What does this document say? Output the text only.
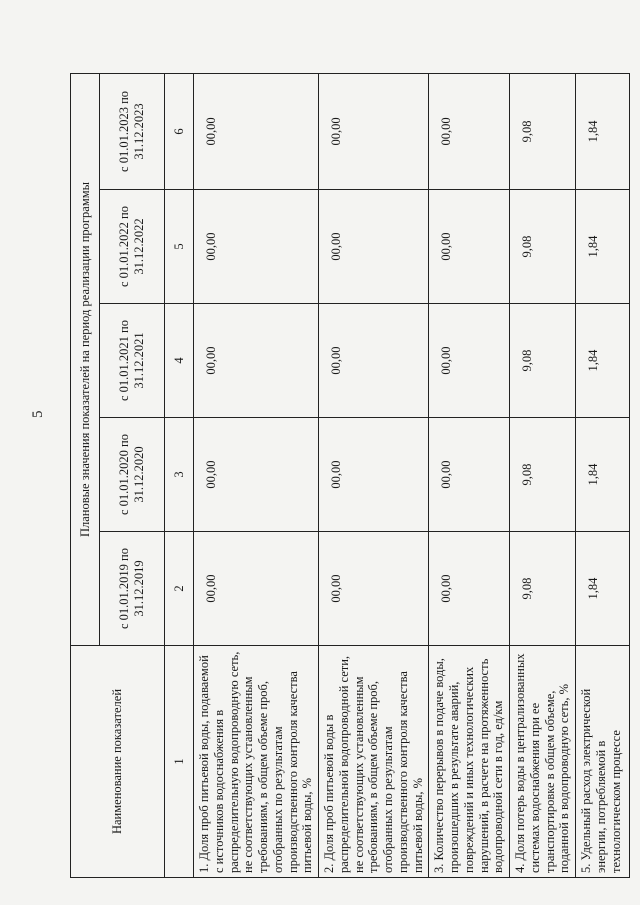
5
Наименование показателей	Плановые значения показателей на период реализации программы				
	с 01.01.2019 по 31.12.2019	с 01.01.2020 по 31.12.2020	с 01.01.2021 по 31.12.2021	с 01.01.2022 по 31.12.2022	с 01.01.2023 по 31.12.2023
1	2	3	4	5	6
1. Доля проб питьевой воды, подаваемой с источников водоснабжения в распределительную водопроводную сеть, не соответствующих установленным требованиям, в общем объеме проб, отобранных по результатам производственного контроля качества питьевой воды, %	00,00	00,00	00,00	00,00	00,00
2. Доля проб питьевой воды в распределительной водопроводной сети, не соответствующих установленным требованиям, в общем объеме проб, отобранных по результатам производственного контроля качества питьевой воды, %	00,00	00,00	00,00	00,00	00,00
3. Количество перерывов в подаче воды, произошедших в результате аварий, повреждений и иных технологических нарушений, в расчете на протяженность водопроводной сети в год, ед/км	00,00	00,00	00,00	00,00	00,00
4. Доля потерь воды в централизованных системах водоснабжения при ее транспортировке в общем объеме, поданной в водопроводную сеть, %	9,08	9,08	9,08	9,08	9,08
5. Удельный расход электрической энергии, потребляемой в технологическом процессе	1,84	1,84	1,84	1,84	1,84
